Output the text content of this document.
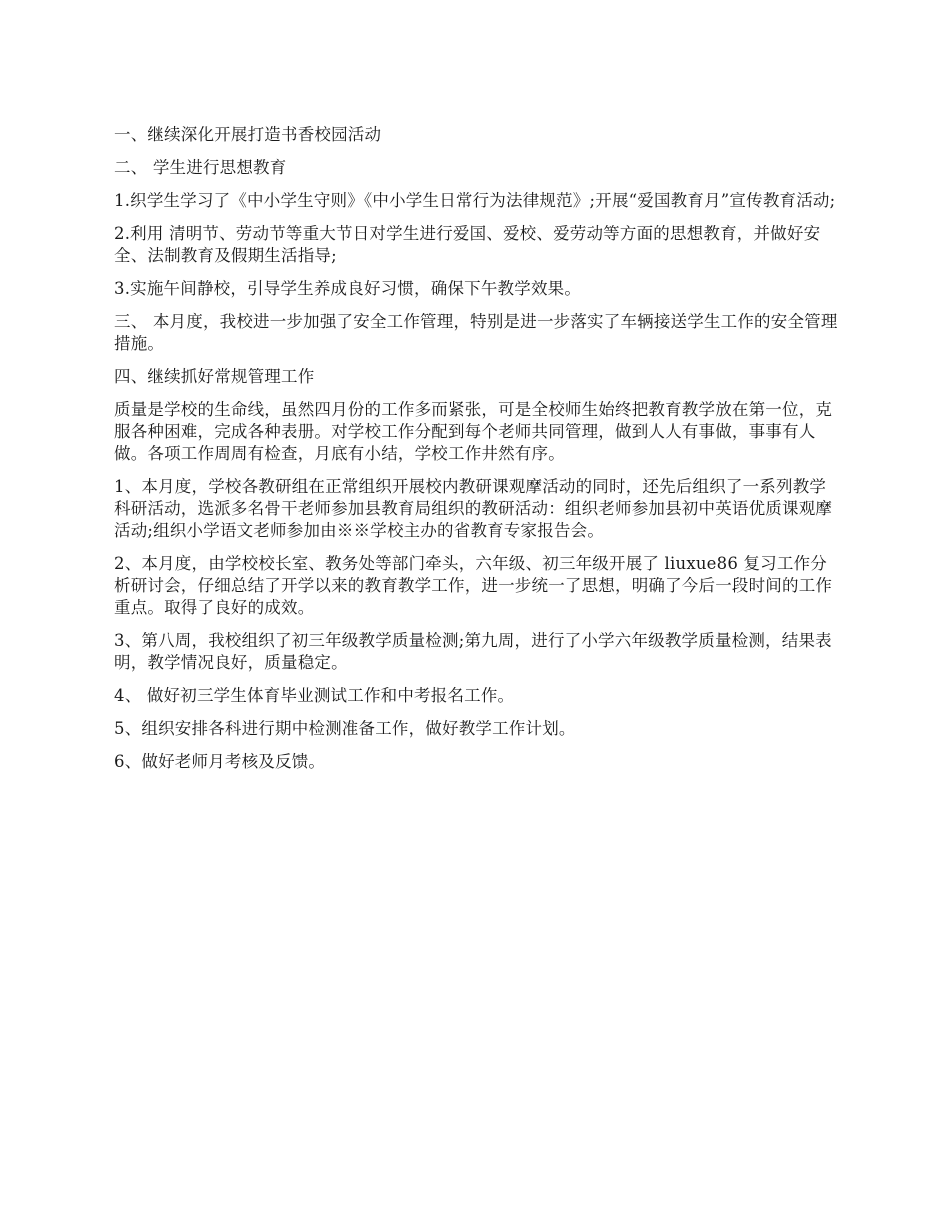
一、继续深化开展打造书香校园活动

二、 学生进行思想教育

1.织学生学习了《中小学生守则》《中小学生日常行为法律规范》;开展“爱国教育月”宣传教育活动;

2.利用 清明节、劳动节等重大节日对学生进行爱国、爱校、爱劳动等方面的思想教育，并做好安全、法制教育及假期生活指导;

3.实施午间静校，引导学生养成良好习惯，确保下午教学效果。

三、 本月度，我校进一步加强了安全工作管理，特别是进一步落实了车辆接送学生工作的安全管理措施。

四、继续抓好常规管理工作

质量是学校的生命线，虽然四月份的工作多而紧张，可是全校师生始终把教育教学放在第一位，克服各种困难，完成各种表册。对学校工作分配到每个老师共同管理，做到人人有事做，事事有人做。各项工作周周有检查，月底有小结，学校工作井然有序。

1、本月度，学校各教研组在正常组织开展校内教研课观摩活动的同时，还先后组织了一系列教学科研活动，选派多名骨干老师参加县教育局组织的教研活动：组织老师参加县初中英语优质课观摩活动;组织小学语文老师参加由※※学校主办的省教育专家报告会。

2、本月度，由学校校长室、教务处等部门牵头，六年级、初三年级开展了 liuxue86 复习工作分析研讨会，仔细总结了开学以来的教育教学工作，进一步统一了思想，明确了今后一段时间的工作重点。取得了良好的成效。

3、第八周，我校组织了初三年级教学质量检测;第九周，进行了小学六年级教学质量检测，结果表明，教学情况良好，质量稳定。

4、 做好初三学生体育毕业测试工作和中考报名工作。

5、组织安排各科进行期中检测准备工作，做好教学工作计划。

6、做好老师月考核及反馈。
